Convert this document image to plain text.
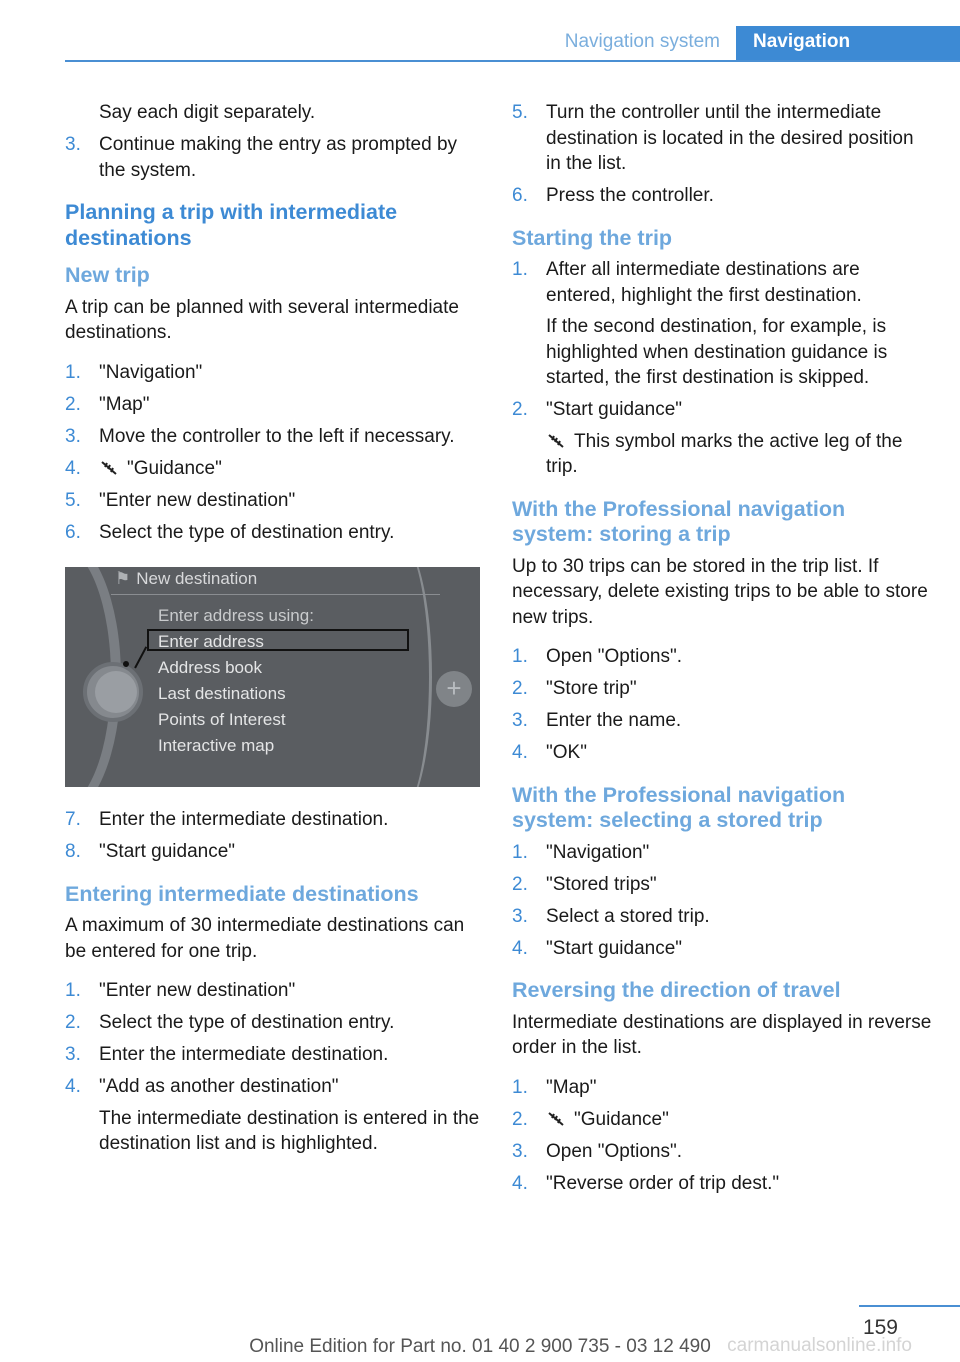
Navigation system	Navigation
Say each digit separately.
3. Continue making the entry as prompted by the system.
Planning a trip with intermediate destinations
New trip
A trip can be planned with several intermediate destinations.
1. "Navigation"
2. "Map"
3. Move the controller to the left if necessary.
4. "Guidance"
5. "Enter new destination"
6. Select the type of destination entry.
+
⚑ New destination
Enter address using:
Enter address
Address book
Last destinations
Points of Interest
Interactive map
7. Enter the intermediate destination.
8. "Start guidance"
Entering intermediate destinations
A maximum of 30 intermediate destinations can be entered for one trip.
1. "Enter new destination"
2. Select the type of destination entry.
3. Enter the intermediate destination.
4. "Add as another destination"
The intermediate destination is entered in the destination list and is highlighted.
5. Turn the controller until the intermediate destination is located in the desired position in the list.
6. Press the controller.
Starting the trip
1. After all intermediate destinations are entered, highlight the first destination.
If the second destination, for example, is highlighted when destination guidance is started, the first destination is skipped.
2. "Start guidance"
This symbol marks the active leg of the trip.
With the Professional navigation system: storing a trip
Up to 30 trips can be stored in the trip list. If necessary, delete existing trips to be able to store new trips.
1. Open "Options".
2. "Store trip"
3. Enter the name.
4. "OK"
With the Professional navigation system: selecting a stored trip
1. "Navigation"
2. "Stored trips"
3. Select a stored trip.
4. "Start guidance"
Reversing the direction of travel
Intermediate destinations are displayed in reverse order in the list.
1. "Map"
2. "Guidance"
3. Open "Options".
4. "Reverse order of trip dest."
159
Online Edition for Part no. 01 40 2 900 735 - 03 12 490 carmanualsonline.info
